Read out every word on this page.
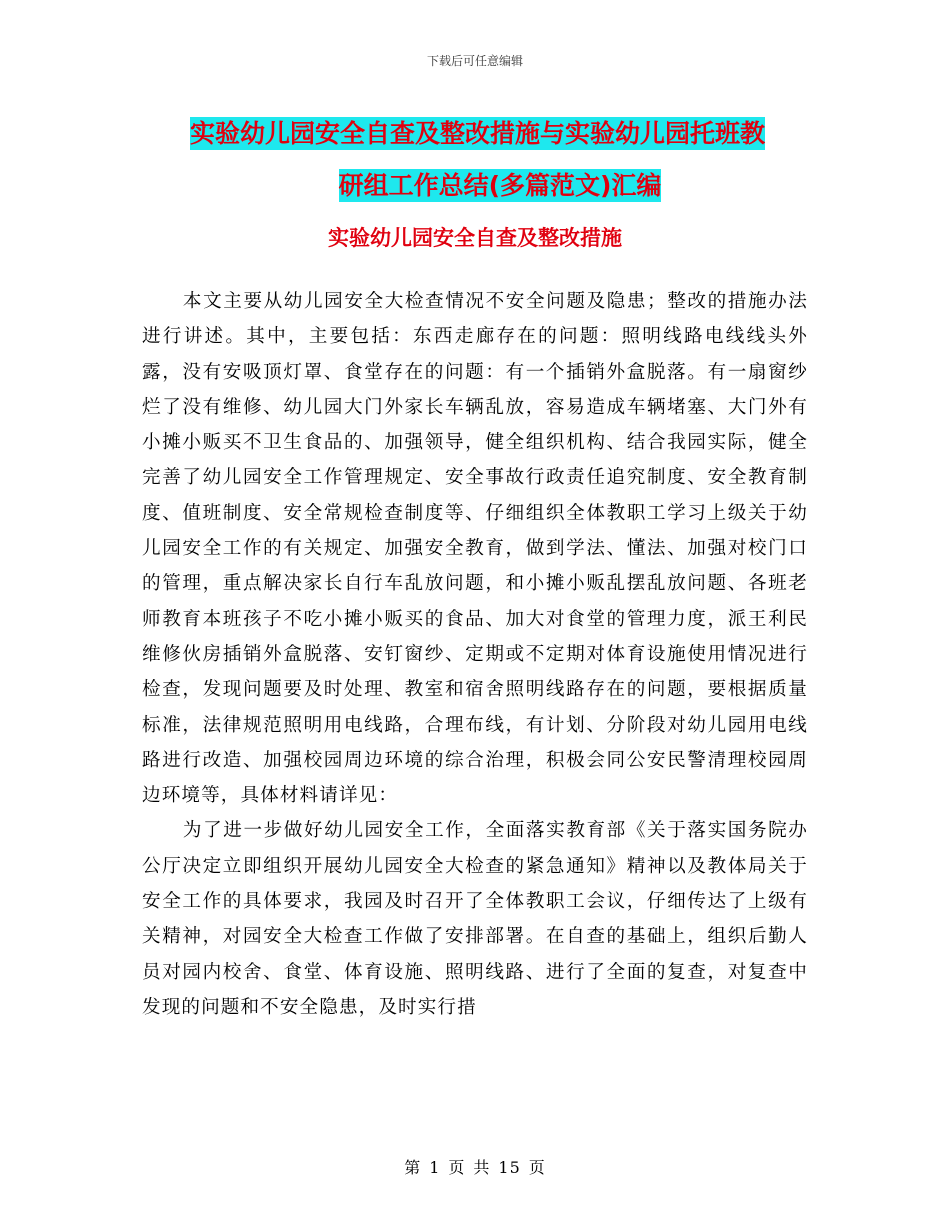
下载后可任意编辑
实验幼儿园安全自查及整改措施与实验幼儿园托班教
研组工作总结(多篇范文)汇编
实验幼儿园安全自查及整改措施

本文主要从幼儿园安全大检查情况不安全问题及隐患；整改的措施办法进行讲述。其中，主要包括：东西走廊存在的问题：照明线路电线线头外露，没有安吸顶灯罩、食堂存在的问题：有一个插销外盒脱落。有一扇窗纱烂了没有维修、幼儿园大门外家长车辆乱放，容易造成车辆堵塞、大门外有小摊小贩买不卫生食品的、加强领导，健全组织机构、结合我园实际，健全完善了幼儿园安全工作管理规定、安全事故行政责任追究制度、安全教育制度、值班制度、安全常规检查制度等、仔细组织全体教职工学习上级关于幼儿园安全工作的有关规定、加强安全教育，做到学法、懂法、加强对校门口的管理，重点解决家长自行车乱放问题，和小摊小贩乱摆乱放问题、各班老师教育本班孩子不吃小摊小贩买的食品、加大对食堂的管理力度，派王利民维修伙房插销外盒脱落、安钉窗纱、定期或不定期对体育设施使用情况进行检查，发现问题要及时处理、教室和宿舍照明线路存在的问题，要根据质量标准，法律规范照明用电线路，合理布线，有计划、分阶段对幼儿园用电线路进行改造、加强校园周边环境的综合治理，积极会同公安民警清理校园周边环境等，具体材料请详见：

为了进一步做好幼儿园安全工作，全面落实教育部《关于落实国务院办公厅决定立即组织开展幼儿园安全大检查的紧急通知》精神以及教体局关于安全工作的具体要求，我园及时召开了全体教职工会议，仔细传达了上级有关精神，对园安全大检查工作做了安排部署。在自查的基础上，组织后勤人员对园内校舍、食堂、体育设施、照明线路、进行了全面的复查，对复查中发现的问题和不安全隐患，及时实行措

第 1 页 共 15 页
